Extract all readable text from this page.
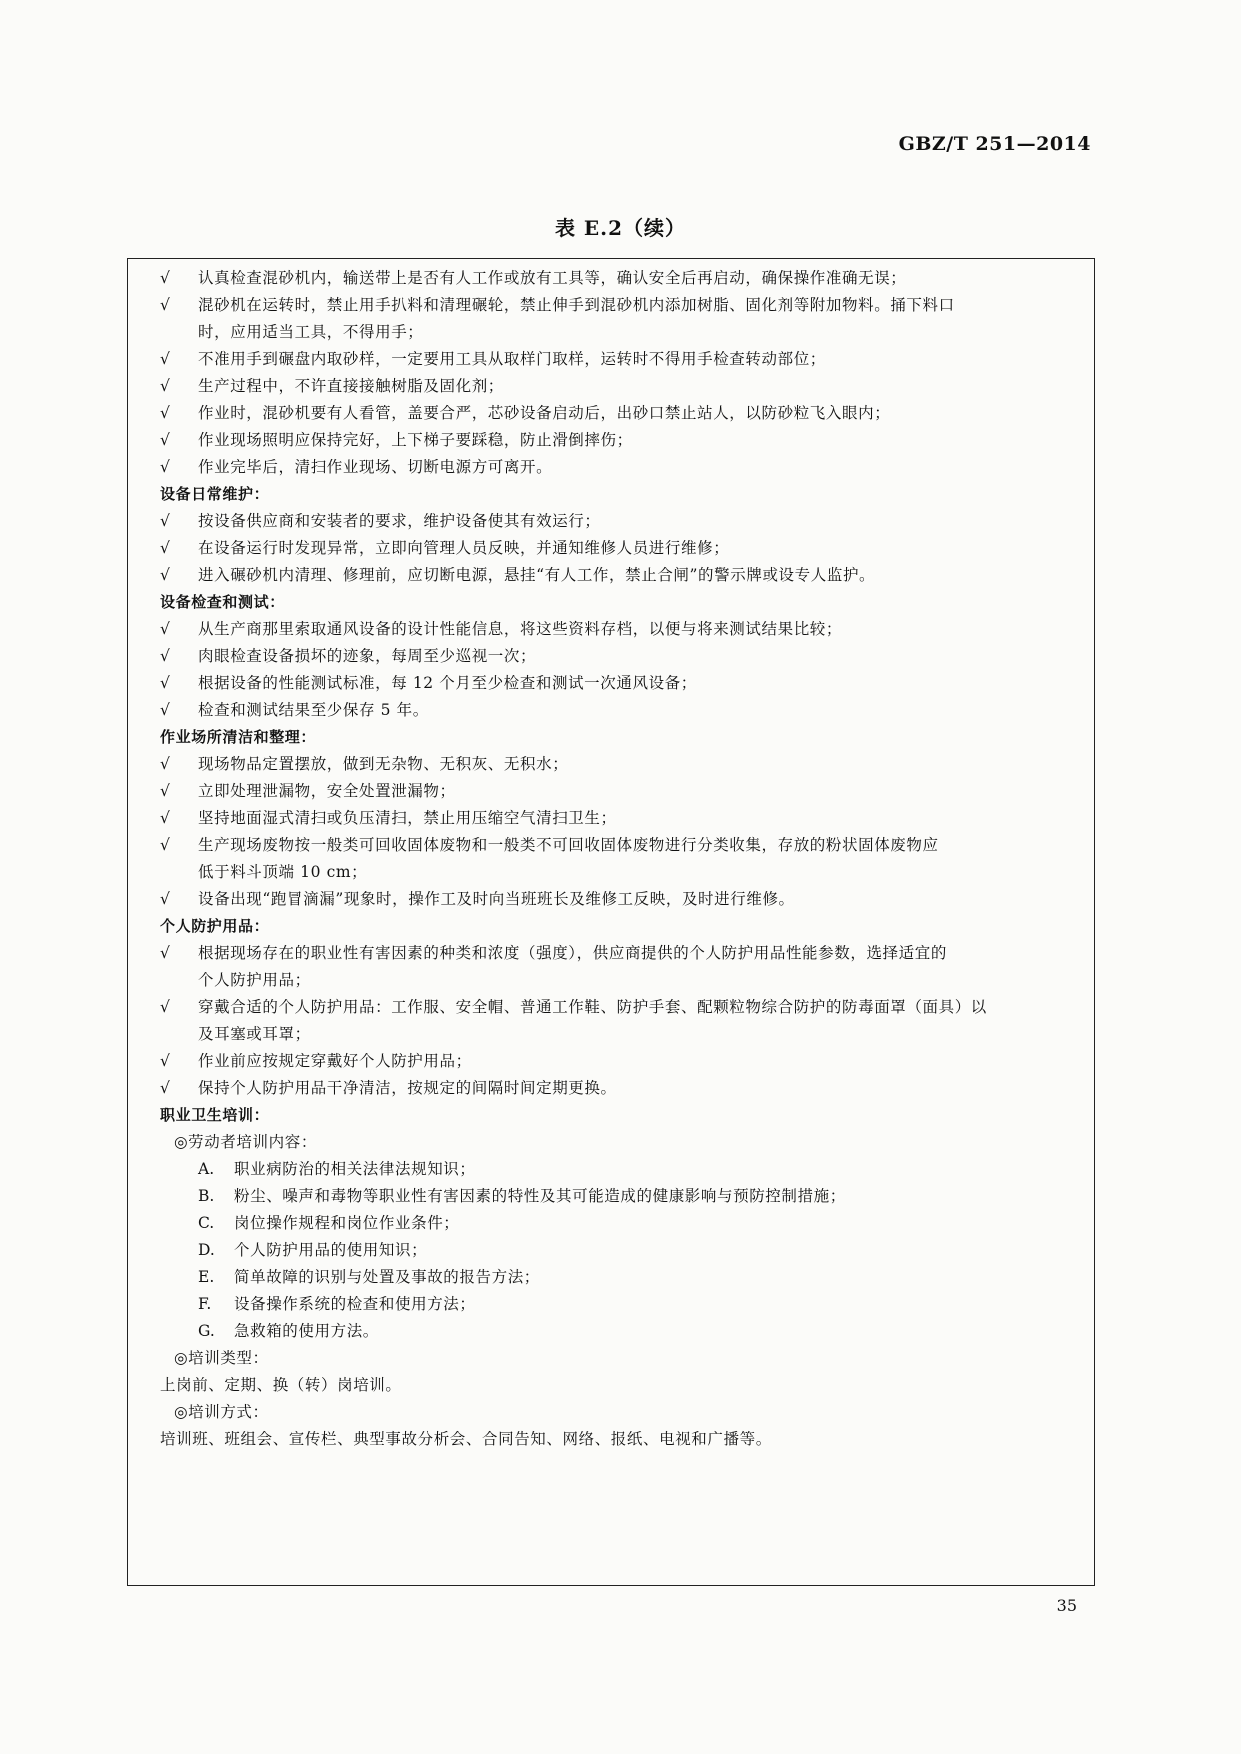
GBZ/T 251—2014
表 E.2（续）
√	认真检查混砂机内，输送带上是否有人工作或放有工具等，确认安全后再启动，确保操作准确无误；
√	混砂机在运转时，禁止用手扒料和清理碾轮，禁止伸手到混砂机内添加树脂、固化剂等附加物料。捅下料口
时，应用适当工具，不得用手；
√	不准用手到碾盘内取砂样，一定要用工具从取样门取样，运转时不得用手检查转动部位；
√	生产过程中，不许直接接触树脂及固化剂；
√	作业时，混砂机要有人看管，盖要合严，芯砂设备启动后，出砂口禁止站人，以防砂粒飞入眼内；
√	作业现场照明应保持完好，上下梯子要踩稳，防止滑倒摔伤；
√	作业完毕后，清扫作业现场、切断电源方可离开。
设备日常维护：
√	按设备供应商和安装者的要求，维护设备使其有效运行；
√	在设备运行时发现异常，立即向管理人员反映，并通知维修人员进行维修；
√	进入碾砂机内清理、修理前，应切断电源，悬挂“有人工作，禁止合闸”的警示牌或设专人监护。
设备检查和测试：
√	从生产商那里索取通风设备的设计性能信息，将这些资料存档，以便与将来测试结果比较；
√	肉眼检查设备损坏的迹象，每周至少巡视一次；
√	根据设备的性能测试标准，每 12 个月至少检查和测试一次通风设备；
√	检查和测试结果至少保存 5 年。
作业场所清洁和整理：
√	现场物品定置摆放，做到无杂物、无积灰、无积水；
√	立即处理泄漏物，安全处置泄漏物；
√	坚持地面湿式清扫或负压清扫，禁止用压缩空气清扫卫生；
√	生产现场废物按一般类可回收固体废物和一般类不可回收固体废物进行分类收集，存放的粉状固体废物应
低于料斗顶端 10 cm；
√	设备出现“跑冒滴漏”现象时，操作工及时向当班班长及维修工反映，及时进行维修。
个人防护用品：
√	根据现场存在的职业性有害因素的种类和浓度（强度），供应商提供的个人防护用品性能参数，选择适宜的
个人防护用品；
√	穿戴合适的个人防护用品：工作服、安全帽、普通工作鞋、防护手套、配颗粒物综合防护的防毒面罩（面具）以
及耳塞或耳罩；
√	作业前应按规定穿戴好个人防护用品；
√	保持个人防护用品干净清洁，按规定的间隔时间定期更换。
职业卫生培训：
◎劳动者培训内容：
A.	职业病防治的相关法律法规知识；
B.	粉尘、噪声和毒物等职业性有害因素的特性及其可能造成的健康影响与预防控制措施；
C.	岗位操作规程和岗位作业条件；
D.	个人防护用品的使用知识；
E.	简单故障的识别与处置及事故的报告方法；
F.	设备操作系统的检查和使用方法；
G.	急救箱的使用方法。
◎培训类型：
上岗前、定期、换（转）岗培训。
◎培训方式：
培训班、班组会、宣传栏、典型事故分析会、合同告知、网络、报纸、电视和广播等。
35
